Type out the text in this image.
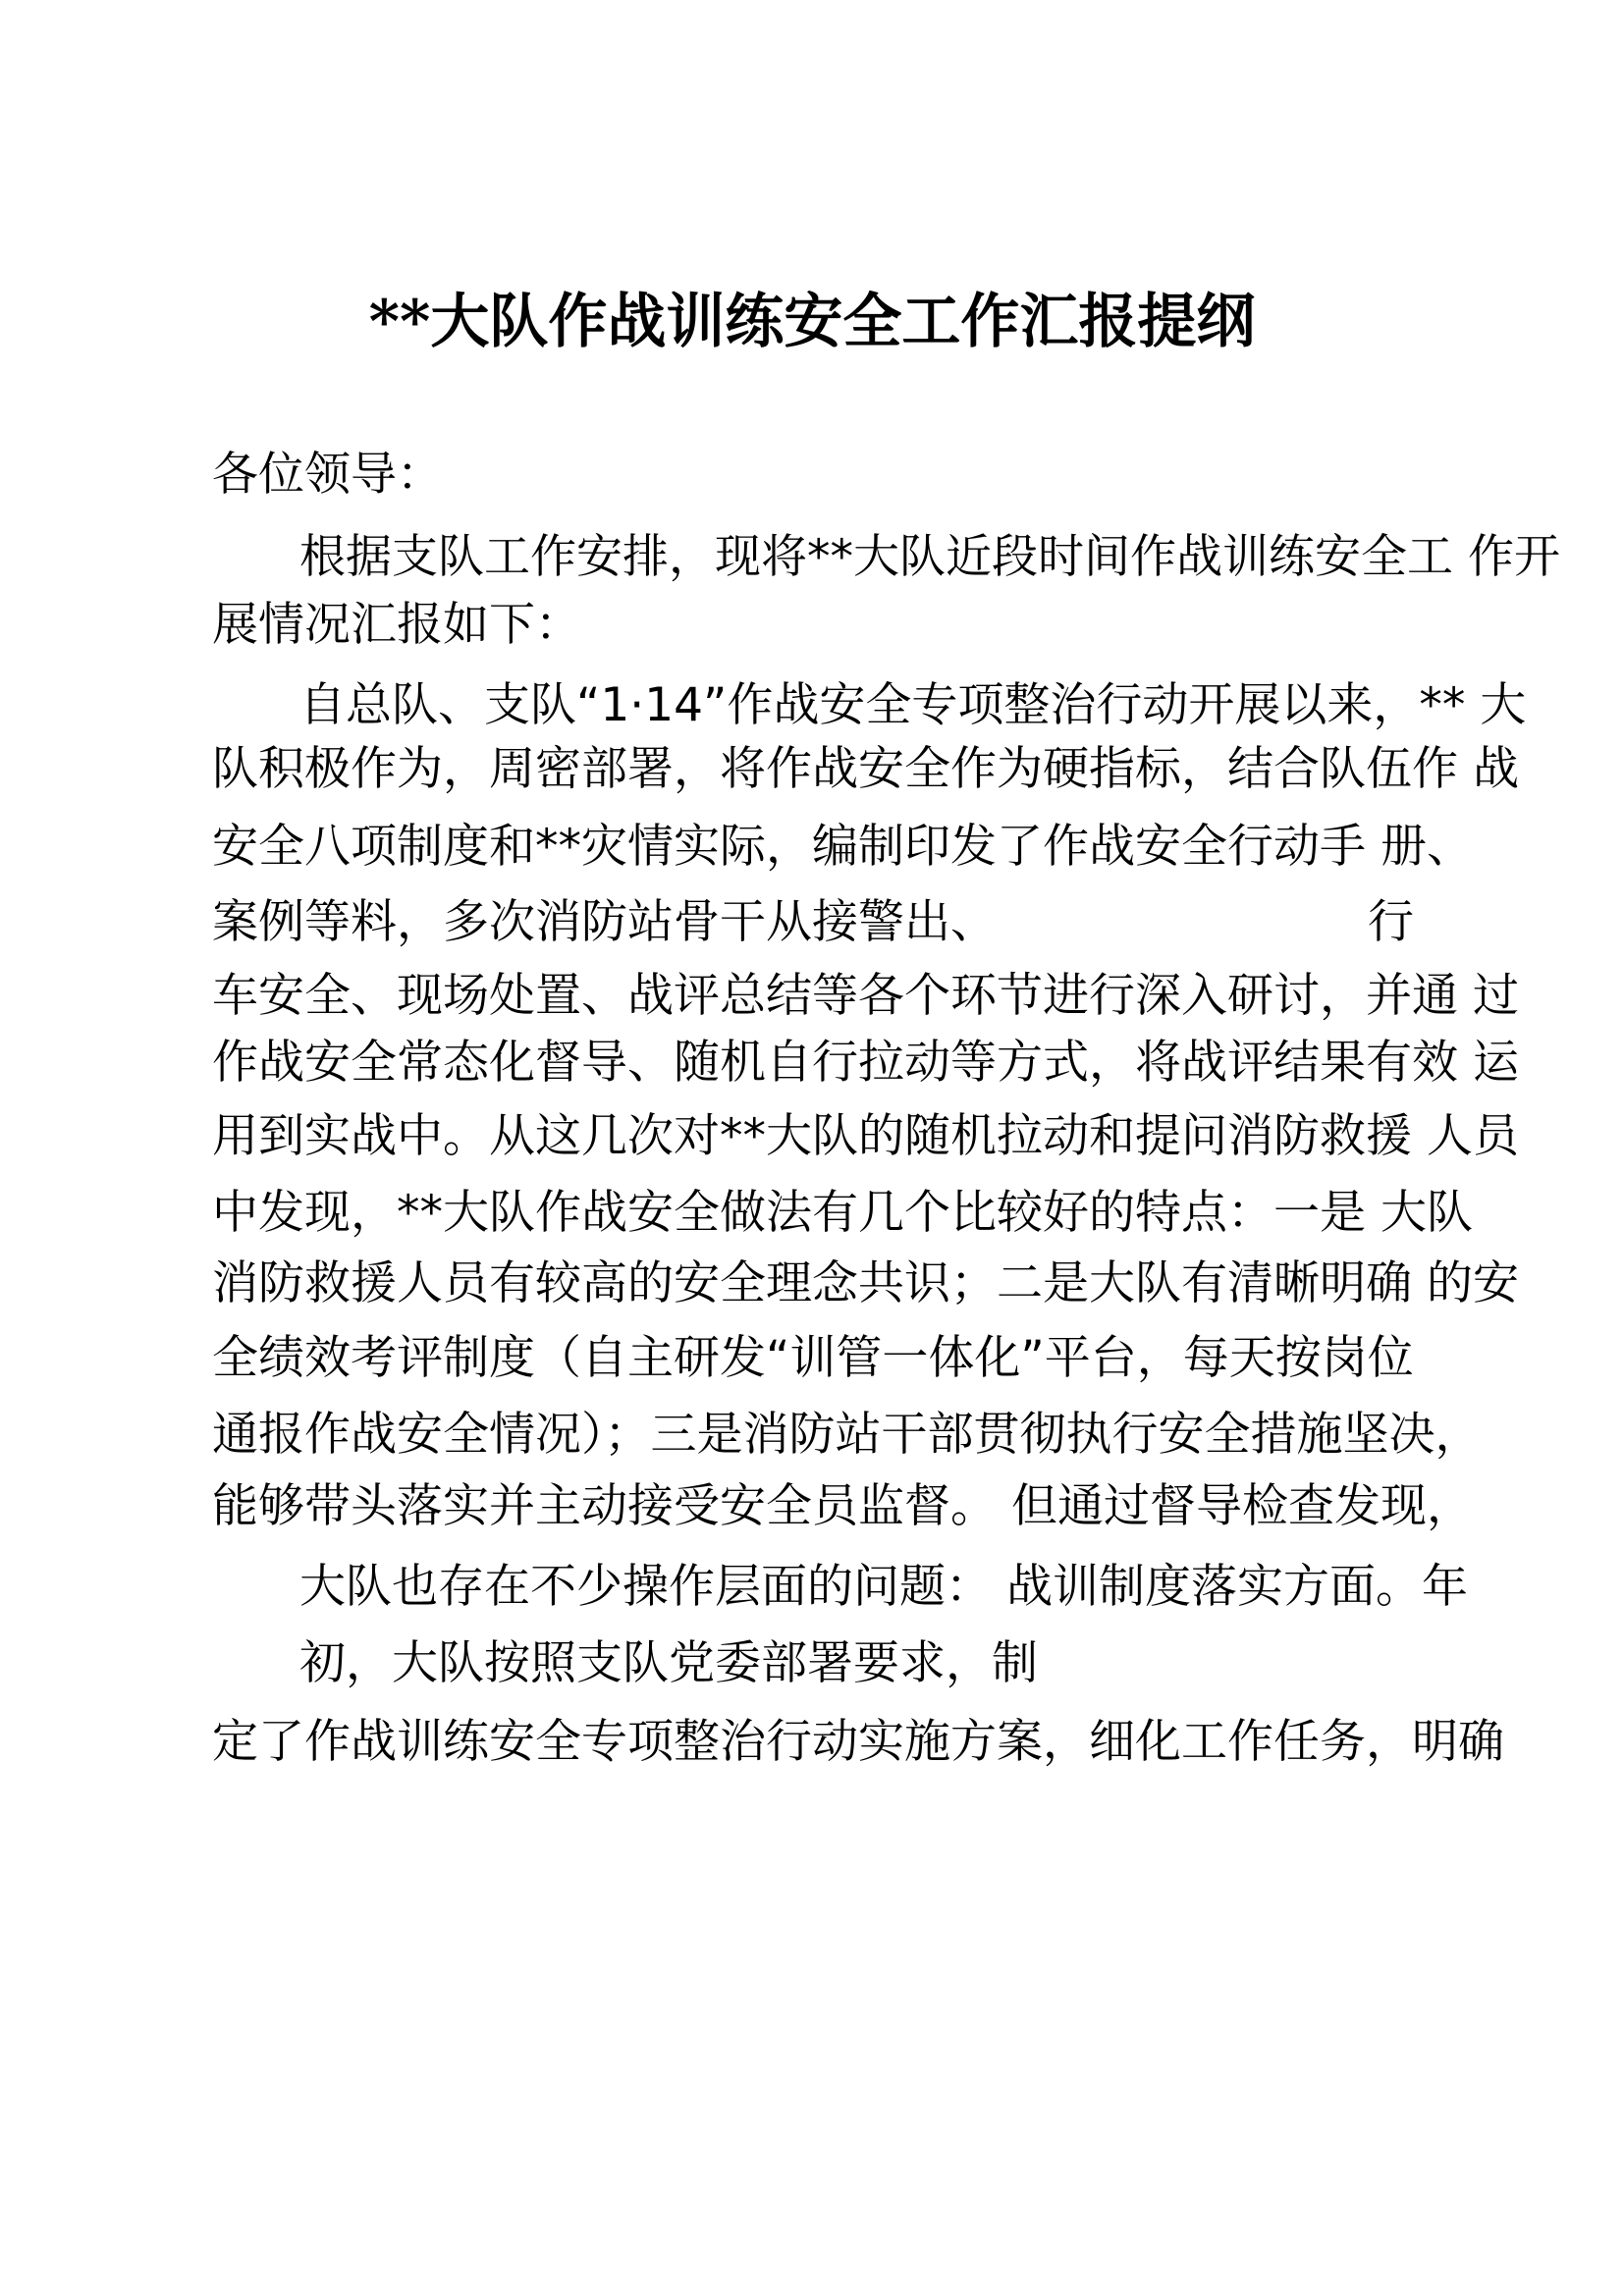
**大队作战训练安全工作汇报提纲
各位领导：
根据支队工作安排，现将**大队近段时间作战训练安全工 作开
展情况汇报如下：
自总队、支队“1·14”作战安全专项整治行动开展以来，** 大
队积极作为，周密部署，将作战安全作为硬指标，结合队伍作 战
安全八项制度和**灾情实际，编制印发了作战安全行动手 册、
案例等料，多次消防站骨干从接警出、	行
车安全、现场处置、战评总结等各个环节进行深入研讨，并通 过
作战安全常态化督导、随机自行拉动等方式，将战评结果有效 运
用到实战中。从这几次对**大队的随机拉动和提问消防救援 人员
中发现，**大队作战安全做法有几个比较好的特点：一是 大队
消防救援人员有较高的安全理念共识；二是大队有清晰明确 的安
全绩效考评制度（自主研发“训管一体化”平台，每天按岗位
通报作战安全情况）；三是消防站干部贯彻执行安全措施坚决，
能够带头落实并主动接受安全员监督。 但通过督导检查发现，
大队也存在不少操作层面的问题： 战训制度落实方面。年
初，大队按照支队党委部署要求，制
定了作战训练安全专项整治行动实施方案，细化工作任务，明确
